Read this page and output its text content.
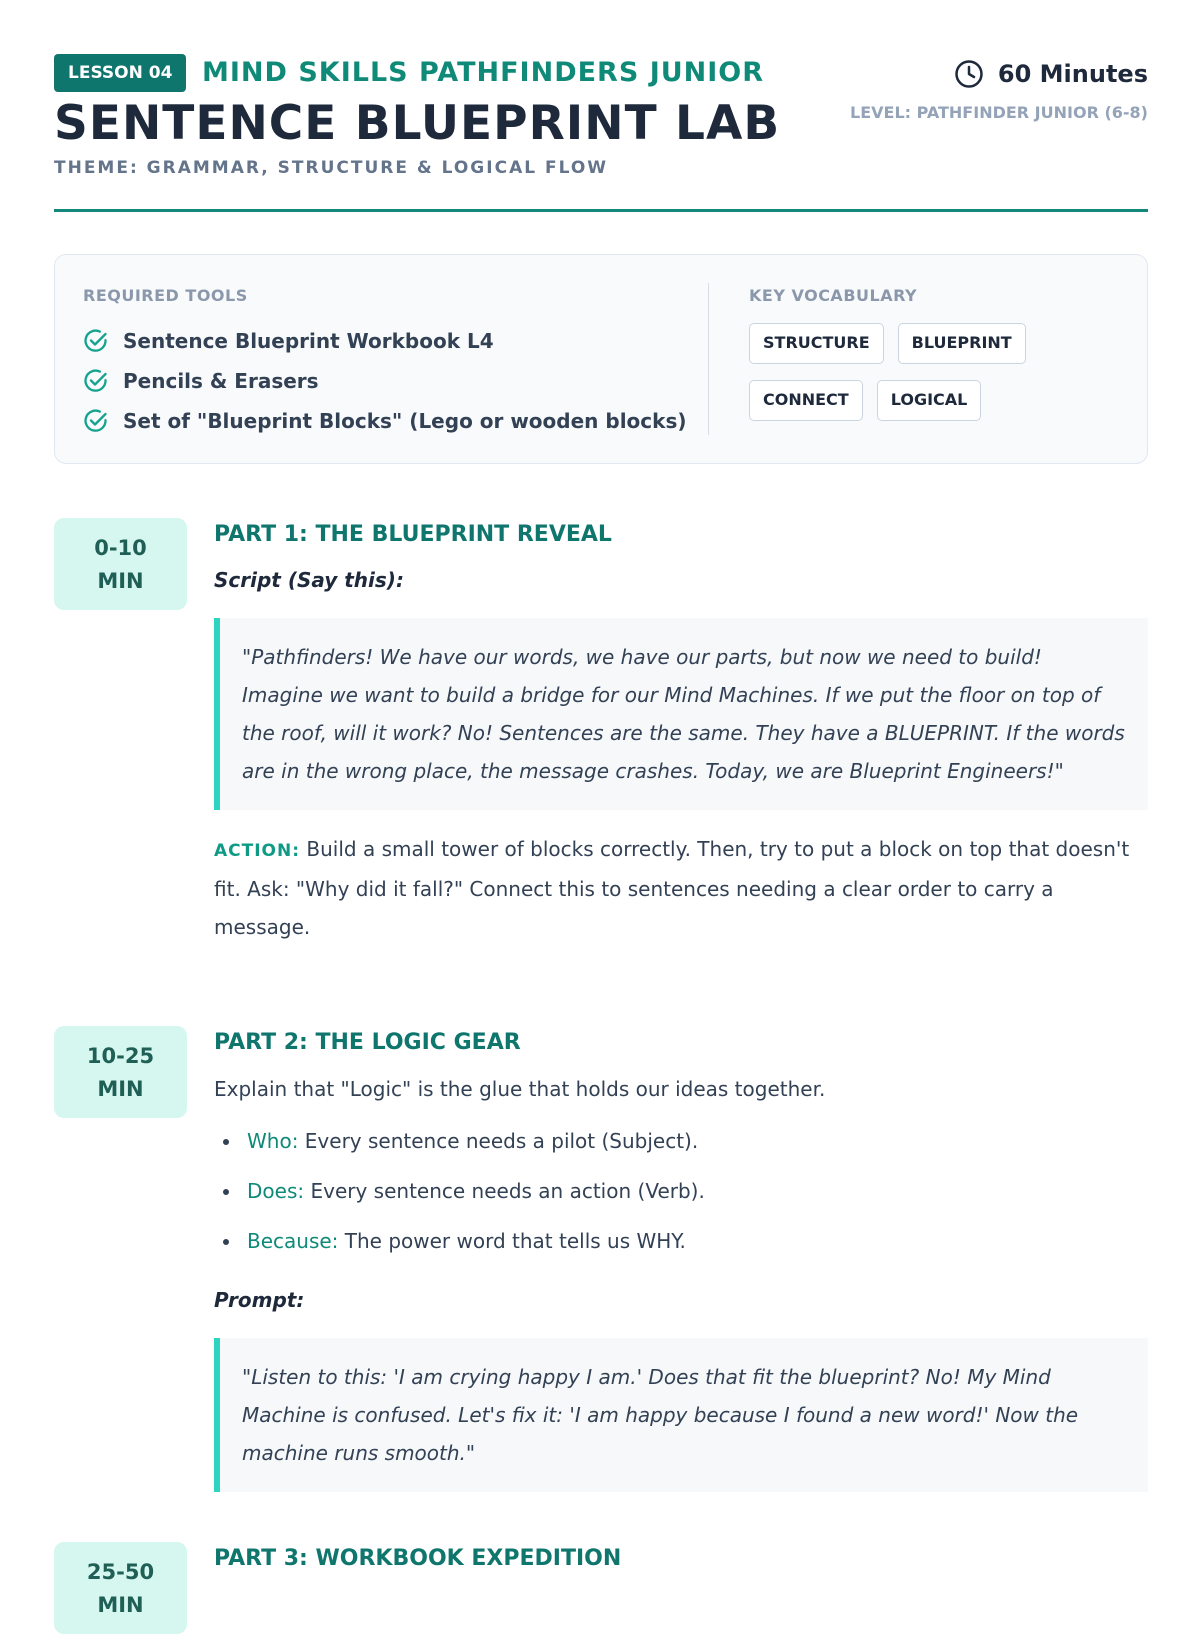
LESSON 04	MIND SKILLS PATHFINDERS JUNIOR
SENTENCE BLUEPRINT LAB
THEME: GRAMMAR, STRUCTURE & LOGICAL FLOW
60 Minutes
LEVEL: PATHFINDER JUNIOR (6-8)
REQUIRED TOOLS
Sentence Blueprint Workbook L4
Pencils & Erasers
Set of "Blueprint Blocks" (Lego or wooden blocks)
KEY VOCABULARY
STRUCTURE	BLUEPRINT
CONNECT	LOGICAL
0-10
MIN
PART 1: THE BLUEPRINT REVEAL
Script (Say this):
"Pathfinders! We have our words, we have our parts, but now we need to build! Imagine we want to build a bridge for our Mind Machines. If we put the floor on top of the roof, will it work? No! Sentences are the same. They have a BLUEPRINT. If the words are in the wrong place, the message crashes. Today, we are Blueprint Engineers!"
ACTION: Build a small tower of blocks correctly. Then, try to put a block on top that doesn't fit. Ask: "Why did it fall?" Connect this to sentences needing a clear order to carry a message.
10-25
MIN
PART 2: THE LOGIC GEAR
Explain that "Logic" is the glue that holds our ideas together.
Who: Every sentence needs a pilot (Subject).
Does: Every sentence needs an action (Verb).
Because: The power word that tells us WHY.
Prompt:
"Listen to this: 'I am crying happy I am.' Does that fit the blueprint? No! My Mind Machine is confused. Let's fix it: 'I am happy because I found a new word!' Now the machine runs smooth."
25-50
MIN
PART 3: WORKBOOK EXPEDITION
